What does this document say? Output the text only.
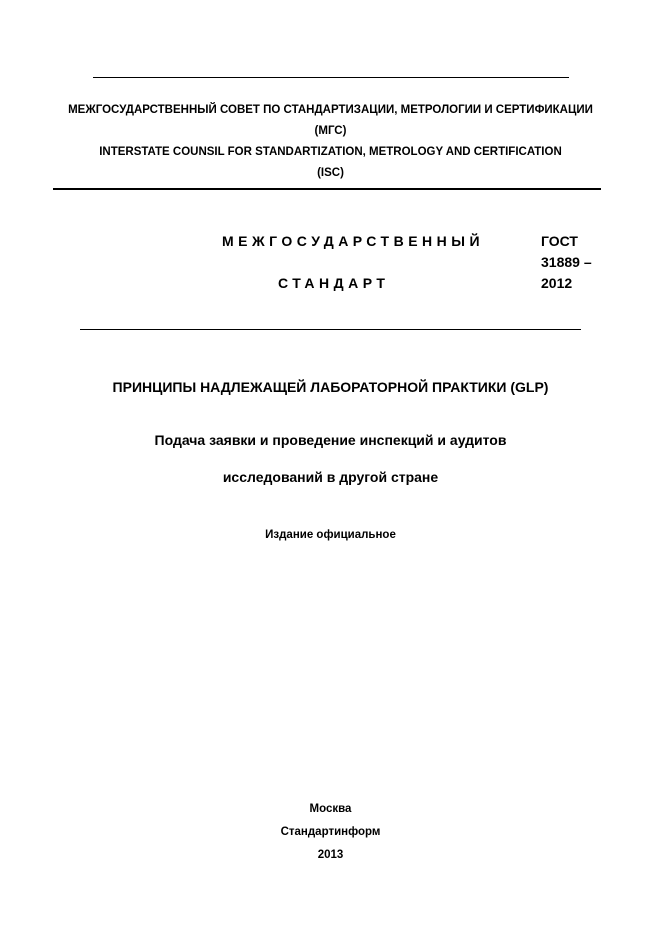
МЕЖГОСУДАРСТВЕННЫЙ СОВЕТ ПО СТАНДАРТИЗАЦИИ, МЕТРОЛОГИИ И СЕРТИФИКАЦИИ
(МГС)
INTERSTATE COUNSIL FOR STANDARTIZATION, METROLOGY AND CERTIFICATION
(ISC)
МЕЖГОСУДАРСТВЕННЫЙ
СТАНДАРТ
ГОСТ
31889 –
2012
ПРИНЦИПЫ НАДЛЕЖАЩЕЙ ЛАБОРАТОРНОЙ ПРАКТИКИ (GLP)
Подача заявки и проведение инспекций и аудитов
исследований в другой стране
Издание официальное
Москва
Стандартинформ
2013
